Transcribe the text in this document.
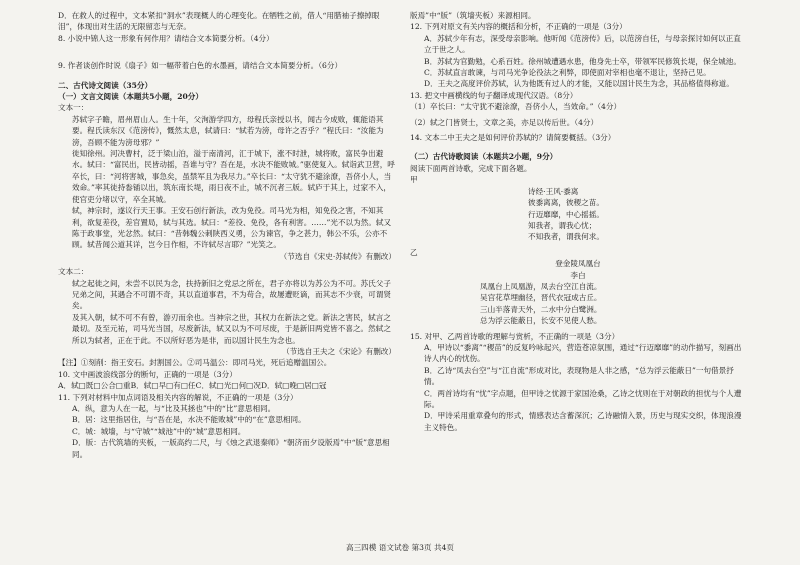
D．在救人的过程中，文本紧扣“洞水”表现概人的心理变化。在牺牲之前，借人“用腊袖子擦掉眼泪”，体现出对生活的无限留恋与无奈。

8. 小说中锦人这一形象有何作用？请结合文本简要分析。（4分）

9. 作者谈创作时说《扇子》如一幅带着白色的水墨画，请结合文本简要分析。（6分）

二、古代诗文阅读（35分）

（一）文言文阅读（本题共5小题，20分）

文本一：

苏轼字子瞻，眉州眉山人。生十年，父洵游学四方，母程氏亲授以书，闻古今成败，辄能语其要。程氏读东汉《范滂传》，慨然太息，轼请曰：“轼若为滂，母许之否乎？”程氏曰：“汝能为滂，吾顾不能为滂母邪？”

徙知徐州。河决曹村，泛于梁山泊，溢于南清河，汇于城下，涨不时泄，城将败，富民争出避水。轼曰：“富民出，民皆动摇，吾谁与守？吾在是，水决不能败城。”驱使复入。轼诣武卫营，呼卒长，曰：“河将害城，事急矣，虽禁军且为我尽力。”卒长曰：“太守犹不避涂潦，吾侪小人，当效命。”率其徒持畚锸以出，筑东南长堤，雨日夜不止，城不沉者三版。轼庐于其上，过家不入，使官吏分堵以守，卒全其城。

轼，神宗时，遂议行天王事。王安石创行新法，改为免役。司马光为相，知免役之害，不知其利，欲复差役，差官置局，轼与其选。轼曰：“差役、免役，各有利害。……”光不以为然。轼又陈于政事堂，光忿然。轼曰：“昔韩魏公刺陕西义勇，公为谏官，争之甚力，韩公不乐，公亦不顾。轼昔闻公道其详，岂今日作相，不许轼尽言耶？”光笑之。

（节选自《宋史·苏轼传》有删改）

文本二：

轼之起徙之间，未尝不以民为念，扶持新旧之党忌之所在，君子亦将以为苏公为不可。苏氏父子兄弟之间，其遇合不可谓不奇，其以直道事君，不为苟合，故屡遭贬谪，而其志不少衰，可谓贤矣。

及其入朝，轼不可不有曾，游刃而余也。当神宗之世，其权力在新法之党。新法之害民，轼言之最切。及至元祐，司马光当国，尽废新法，轼又以为不可尽废，于是新旧两党皆不喜之。然轼之所以为轼者，正在于此。不以所好恶为是非，而以国计民生为念也。

（节选自王夫之《宋论》有删改）

【注】①刻削：指王安石。封割国公。②司马温公：即司马光，死后追赠温国公。

10. 文中画波浪线部分的断句，正确的一项是（3分）

A．轼□既□公合□重B．轼□早□有□任C．轼□光□何□况D．轼□晚□居□冠

11. 下列对材料中加点词语及相关内容的解说，不正确的一项是（3分）

A．纵，意为人在一起，与“比及其拯也”中的“比”意思相同。

B．居：这里指居住，与“吾在是，水决不能败城”中的“在”意思相同。

C．城：城墙，与“守城”“城池”中的“城”意思相同。

D．版：古代筑墙的夹板，一版高约二尺，与《烛之武退秦师》“朝济而夕设版焉”中“版”意思相同。

版焉”中“版”（筑墙夹板）来源相同。

12. 下列对原文有关内容的概括和分析，不正确的一项是（3分）

A．苏轼少年有志，深受母亲影响。他听闻《范滂传》后，以范滂自任，与母亲探讨如何以正直立于世之人。

B．苏轼为官勤勉，心系百姓。徐州城遭遇水患，他身先士卒，带领军民修筑长堤，保全城池。

C．苏轼直言敢谏，与司马光争论役法之利弊，即使面对宰相也毫不退让，坚持己见。

D．王夫之高度评价苏轼，认为他既有过人的才能，又能以国计民生为念，其品格值得称道。

13. 把文中画横线的句子翻译成现代汉语。（8分）

（1）卒长曰：“太守犹不避涂潦，吾侪小人，当效命。”（4分）

（2）轼之门皆贤士，文章之美，亦足以传后世。（4分）

14. 文本二中王夫之是如何评价苏轼的？请简要概括。（3分）

（二）古代诗歌阅读（本题共2小题，9分）

阅读下面两首诗歌，完成下面各题。

甲

诗经·王风·黍离

彼黍离离，彼稷之苗。

行迈靡靡，中心摇摇。

知我者，谓我心忧；

不知我者，谓我何求。

乙

登金陵凤凰台

李白

凤凰台上凤凰游，凤去台空江自流。

吴宫花草埋幽径，晋代衣冠成古丘。

三山半落青天外，二水中分白鹭洲。

总为浮云能蔽日，长安不见使人愁。

15. 对甲、乙两首诗歌的理解与赏析，不正确的一项是（3分）

A．甲诗以“黍离”“稷苗”的反复吟咏起兴，营造苍凉氛围，通过“行迈靡靡”的动作描写，刻画出诗人内心的忧伤。

B．乙诗“凤去台空”与“江自流”形成对比，表现物是人非之感，“总为浮云能蔽日”一句借景抒情。

C．两首诗均有“忧”字点题，但甲诗之忧源于家国沧桑，乙诗之忧则在于对朝政的担忧与个人遭际。

D．甲诗采用重章叠句的形式，情感表达含蓄深沉；乙诗融情入景，历史与现实交织，体现浪漫主义特色。

高三四模 语文试卷 第3页 共4页
